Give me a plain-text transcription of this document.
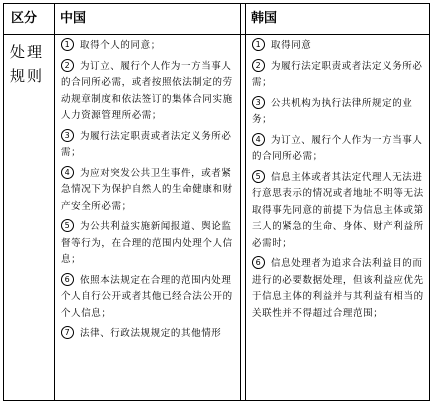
区分 中国	韩国
处理规则
1 取得个人的同意；
2 为订立、履行个人作为一方当事人的合同所必需，或者按照依法制定的劳动规章制度和依法签订的集体合同实施人力资源管理所必需；
3 为履行法定职责或者法定义务所必需；
4 为应对突发公共卫生事件，或者紧急情况下为保护自然人的生命健康和财产安全所必需；
5 为公共利益实施新闻报道、舆论监督等行为，在合理的范围内处理个人信息；
6 依照本法规定在合理的范围内处理个人自行公开或者其他已经合法公开的个人信息；
7 法律、行政法规规定的其他情形
1 取得同意
2 为履行法定职责或者法定义务所必需；
3 公共机构为执行法律所规定的业务；
4 为订立、履行个人作为一方当事人的合同所必需；
5 信息主体或者其法定代理人无法进行意思表示的情况或者地址不明等无法取得事先同意的前提下为信息主体或第三人的紧急的生命、身体、财产利益所必需时；
6 信息处理者为追求合法利益目的而进行的必要数据处理，但该利益应优先于信息主体的利益并与其利益有相当的关联性并不得超过合理范围；
